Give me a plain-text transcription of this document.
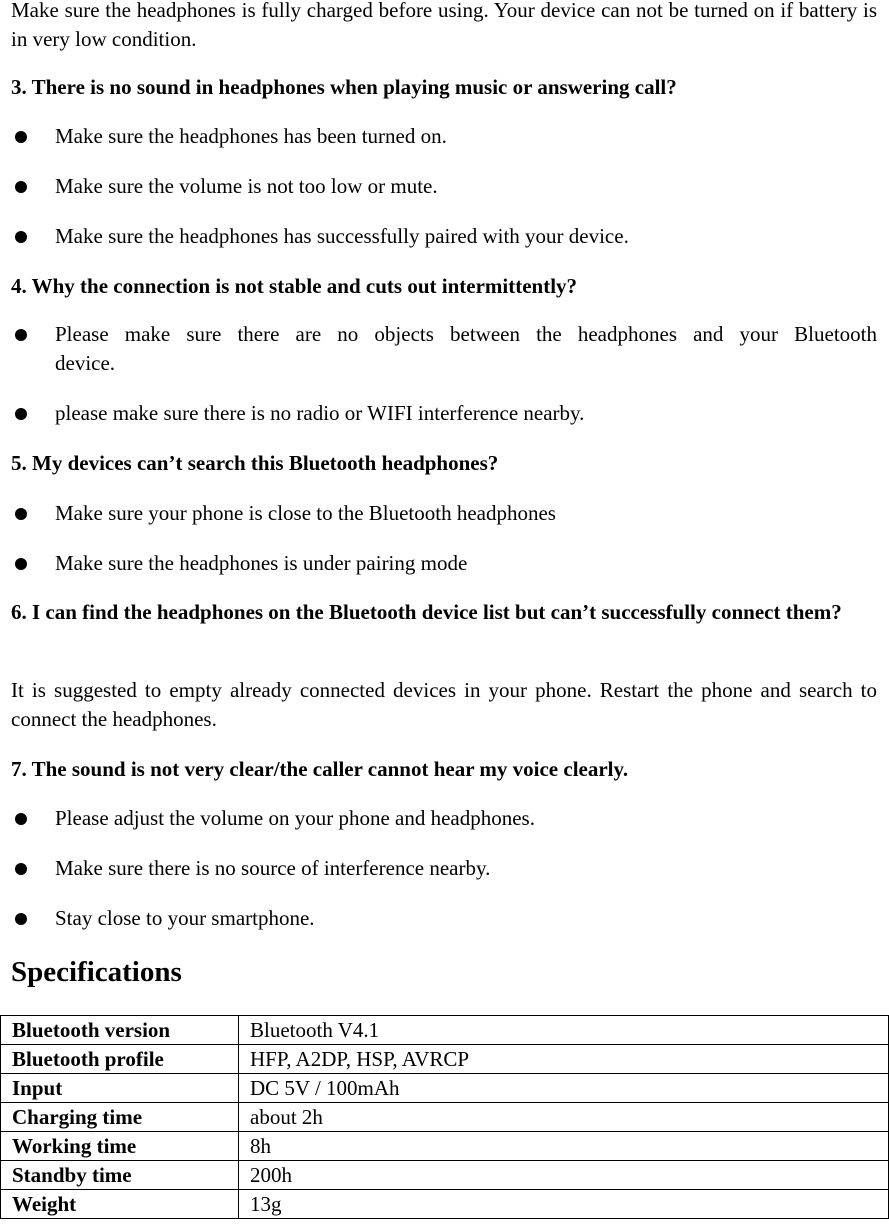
Make sure the headphones is fully charged before using. Your device can not be turned on if battery is in very low condition.

3. There is no sound in headphones when playing music or answering call?

Make sure the headphones has been turned on.
Make sure the volume is not too low or mute.
Make sure the headphones has successfully paired with your device.

4. Why the connection is not stable and cuts out intermittently?

Please make sure there are no objects between the headphones and your Bluetooth device.
please make sure there is no radio or WIFI interference nearby.

5. My devices can’t search this Bluetooth headphones?

Make sure your phone is close to the Bluetooth headphones
Make sure the headphones is under pairing mode

6. I can find the headphones on the Bluetooth device list but can’t successfully connect them?

It is suggested to empty already connected devices in your phone. Restart the phone and search to connect the headphones.

7. The sound is not very clear/the caller cannot hear my voice clearly.

Please adjust the volume on your phone and headphones.
Make sure there is no source of interference nearby.
Stay close to your smartphone.
Specifications
Bluetooth version	Bluetooth V4.1
Bluetooth profile	HFP, A2DP, HSP, AVRCP
Input	DC 5V / 100mAh
Charging time	about 2h
Working time	8h
Standby time	200h
Weight	13g
